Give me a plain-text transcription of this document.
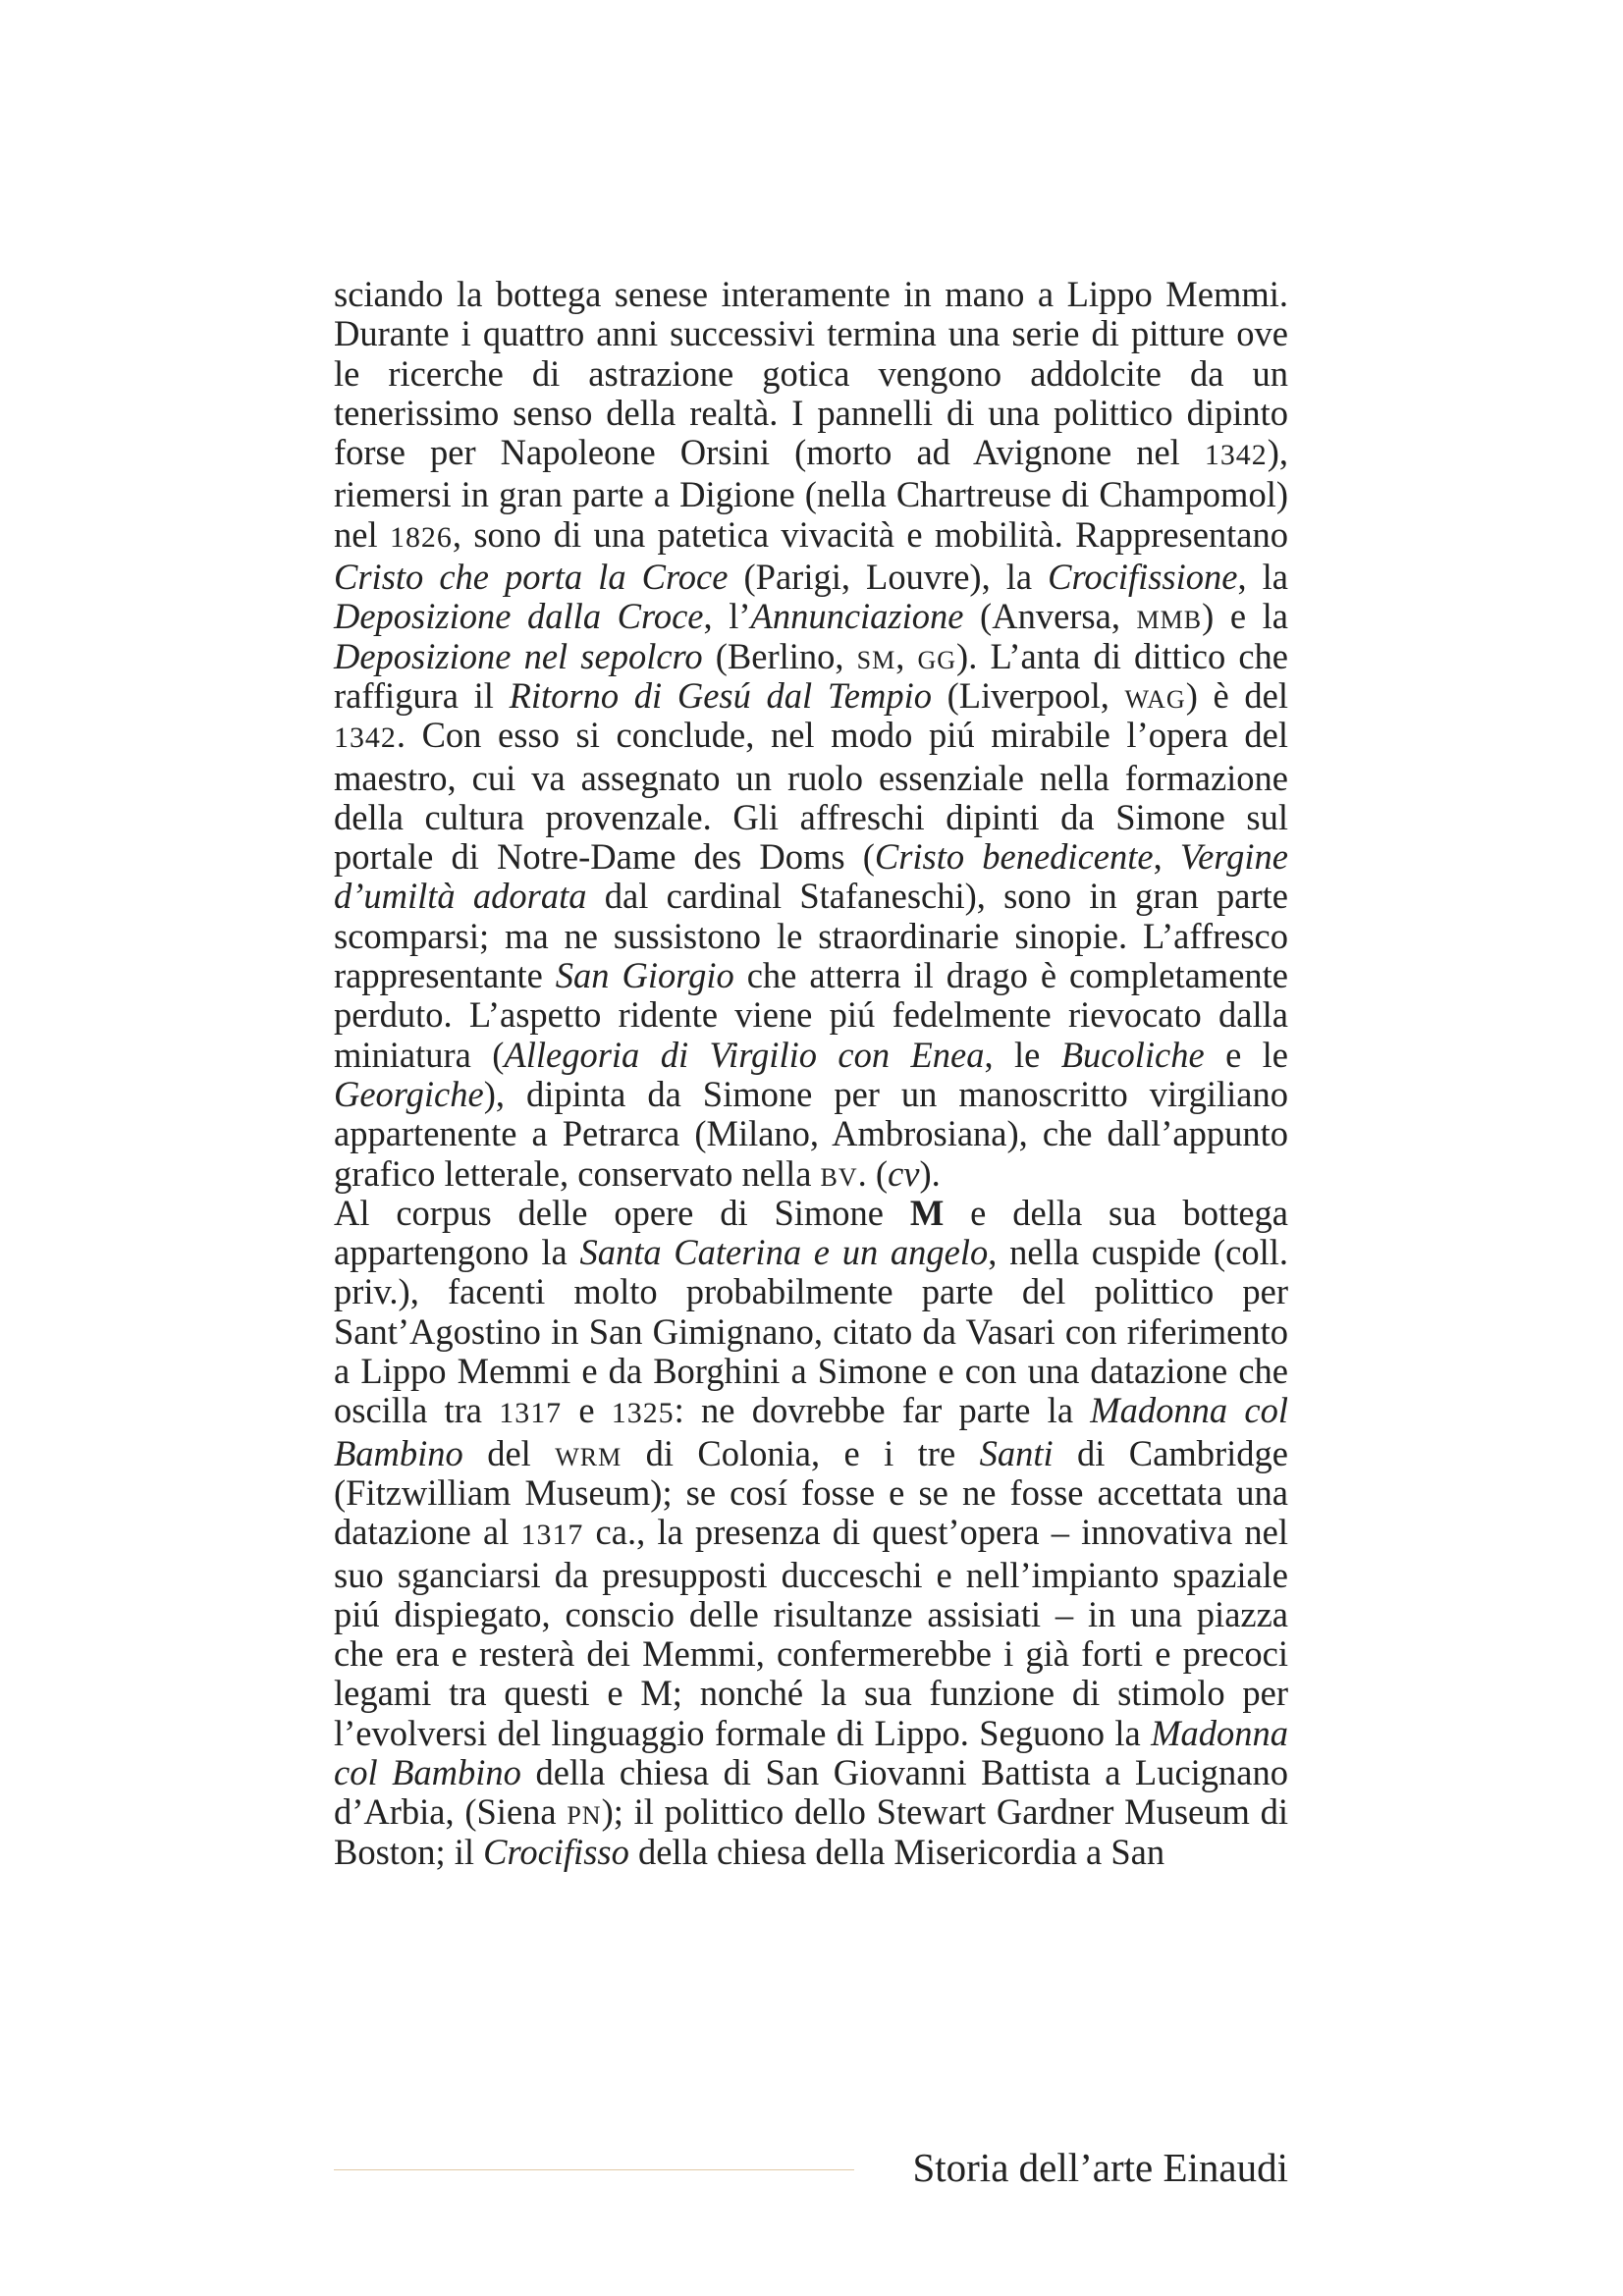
sciando la bottega senese interamente in mano a Lippo Memmi. Durante i quattro anni successivi termina una serie di pitture ove le ricerche di astrazione gotica vengono addolcite da un tenerissimo senso della realtà. I pannelli di una polittico dipinto forse per Napoleone Orsini (morto ad Avignone nel 1342), riemersi in gran parte a Digione (nella Chartreuse di Champomol) nel 1826, sono di una patetica vivacità e mobilità. Rappresentano Cristo che porta la Croce (Parigi, Louvre), la Crocifissione, la Deposizione dalla Croce, l’Annunciazione (Anversa, mmb) e la Deposizione nel sepolcro (Berlino, sm, gg). L’anta di dittico che raffigura il Ritorno di Gesú dal Tempio (Liverpool, wag) è del 1342. Con esso si conclude, nel modo piú mirabile l’opera del maestro, cui va assegnato un ruolo essenziale nella formazione della cultura provenzale. Gli affreschi dipinti da Simone sul portale di Notre-Dame des Doms (Cristo benedicente, Vergine d’umiltà adorata dal cardinal Stafaneschi), sono in gran parte scomparsi; ma ne sussistono le straordinarie sinopie. L’affresco rappresentante San Giorgio che atterra il drago è completamente perduto. L’aspetto ridente viene piú fedelmente rievocato dalla miniatura (Allegoria di Virgilio con Enea, le Bucoliche e le Georgiche), dipinta da Simone per un manoscritto virgiliano appartenente a Petrarca (Milano, Ambrosiana), che dall’appunto grafico letterale, conservato nella bv. (cv).

Al corpus delle opere di Simone M e della sua bottega appartengono la Santa Caterina e un angelo, nella cuspide (coll. priv.), facenti molto probabilmente parte del polittico per Sant’Agostino in San Gimignano, citato da Vasari con riferimento a Lippo Memmi e da Borghini a Simone e con una datazione che oscilla tra 1317 e 1325: ne dovrebbe far parte la Madonna col Bambino del wrm di Colonia, e i tre Santi di Cambridge (Fitzwilliam Museum); se cosí fosse e se ne fosse accettata una datazione al 1317 ca., la presenza di quest’opera – innovativa nel suo sganciarsi da presupposti ducceschi e nell’impianto spaziale piú dispiegato, conscio delle risultanze assisiati – in una piazza che era e resterà dei Memmi, confermerebbe i già forti e precoci legami tra questi e M; nonché la sua funzione di stimolo per l’evolversi del linguaggio formale di Lippo. Seguono la Madonna col Bambino della chiesa di San Giovanni Battista a Lucignano d’Arbia, (Siena pn); il polittico dello Stewart Gardner Museum di Boston; il Crocifisso della chiesa della Misericordia a San

Storia dell’arte Einaudi
